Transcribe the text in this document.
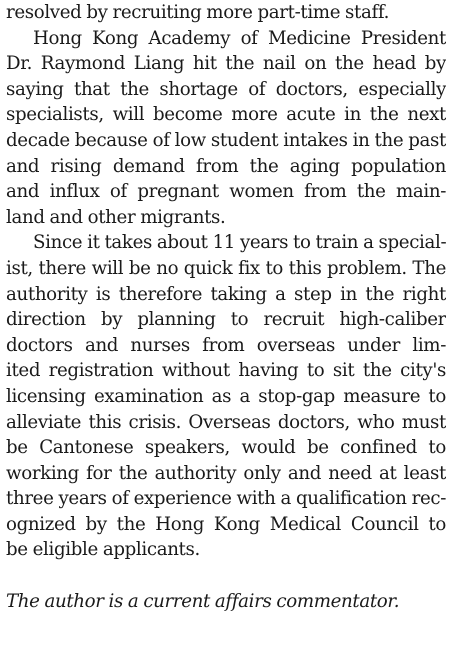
resolved by recruiting more part-time staff.
Hong Kong Academy of Medicine President
Dr. Raymond Liang hit the nail on the head by
saying that the shortage of doctors, especially
specialists, will become more acute in the next
decade because of low student intakes in the past
and rising demand from the aging population
and influx of pregnant women from the main-
land and other migrants.
Since it takes about 11 years to train a special-
ist, there will be no quick fix to this problem. The
authority is therefore taking a step in the right
direction by planning to recruit high-caliber
doctors and nurses from overseas under lim-
ited registration without having to sit the city's
licensing examination as a stop-gap measure to
alleviate this crisis. Overseas doctors, who must
be Cantonese speakers, would be confined to
working for the authority only and need at least
three years of experience with a qualification rec-
ognized by the Hong Kong Medical Council to
be eligible applicants.
The author is a current affairs commentator.
